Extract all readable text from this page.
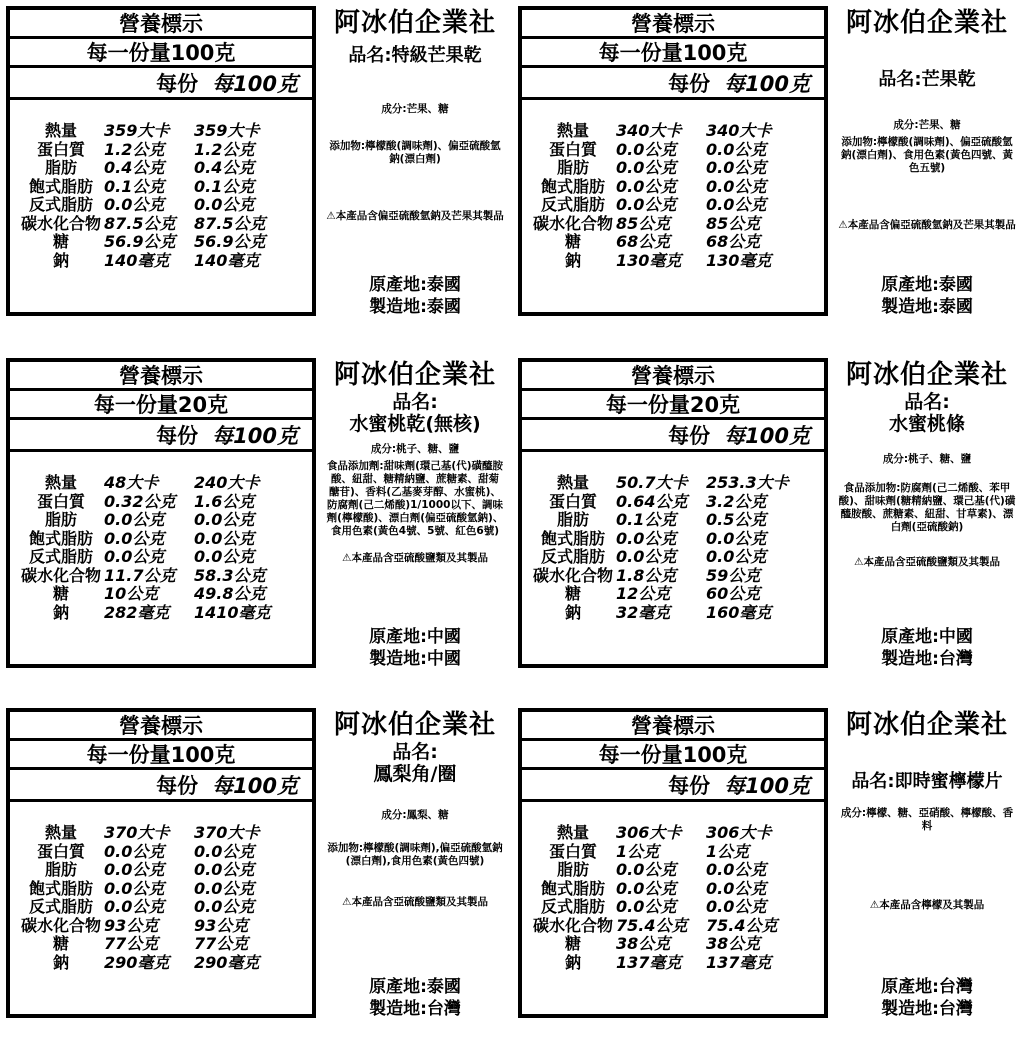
營養標示
每一份量100克
每份 每100克
熱量	359大卡	359大卡
蛋白質	1.2公克	1.2公克
脂肪	0.4公克	0.4公克
飽式脂肪 0.1公克	0.1公克
反式脂肪 0.0公克	0.0公克
碳水化合物 87.5公克	87.5公克
糖	56.9公克	56.9公克
鈉	140毫克	140毫克
阿冰伯企業社
品名:特級芒果乾
成分:芒果、糖
添加物:檸檬酸(調味劑)、偏亞硫酸氫鈉(漂白劑)
⚠本產品含偏亞硫酸氫鈉及芒果其製品
原產地:泰國
製造地:泰國
營養標示
每一份量100克
每份 每100克
熱量	340大卡	340大卡
蛋白質	0.0公克	0.0公克
脂肪	0.0公克	0.0公克
飽式脂肪 0.0公克	0.0公克
反式脂肪 0.0公克	0.0公克
碳水化合物 85公克	85公克
糖	68公克	68公克
鈉	130毫克	130毫克
阿冰伯企業社
品名:芒果乾
成分:芒果、糖
添加物:檸檬酸(調味劑)、偏亞硫酸氫鈉(漂白劑)、食用色素(黃色四號、黃色五號)
⚠本產品含偏亞硫酸氫鈉及芒果其製品
原產地:泰國
製造地:泰國
營養標示
每一份量20克
每份 每100克
熱量	48大卡	240大卡
蛋白質	0.32公克	1.6公克
脂肪	0.0公克	0.0公克
飽式脂肪 0.0公克	0.0公克
反式脂肪 0.0公克	0.0公克
碳水化合物 11.7公克	58.3公克
糖	10公克	49.8公克
鈉	282毫克	1410毫克
阿冰伯企業社
品名:
水蜜桃乾(無核)
成分:桃子、糖、鹽
食品添加劑:甜味劑(環己基(代)磺醯胺酸、紐甜、糖精納鹽、蔗糖素、甜菊醣苷)、香料(乙基麥芽醇、水蜜桃)、防腐劑(己二烯酸)1/1000以下、調味劑(檸檬酸)、漂白劑(偏亞硫酸氫鈉)、食用色素(黃色4號、5號、紅色6號)
⚠本產品含亞硫酸鹽類及其製品
原產地:中國
製造地:中國
營養標示
每一份量20克
每份 每100克
熱量	50.7大卡	253.3大卡
蛋白質	0.64公克	3.2公克
脂肪	0.1公克	0.5公克
飽式脂肪 0.0公克	0.0公克
反式脂肪 0.0公克	0.0公克
碳水化合物 1.8公克	59公克
糖	12公克	60公克
鈉	32毫克	160毫克
阿冰伯企業社
品名:
水蜜桃條
成分:桃子、糖、鹽
食品添加物:防腐劑(己二烯酸、苯甲酸)、甜味劑(糖精納鹽、環己基(代)磺醯胺酸、蔗糖素、紐甜、甘草素)、漂白劑(亞硫酸鈉)
⚠本產品含亞硫酸鹽類及其製品
原產地:中國
製造地:台灣
營養標示
每一份量100克
每份 每100克
熱量	370大卡	370大卡
蛋白質	0.0公克	0.0公克
脂肪	0.0公克	0.0公克
飽式脂肪 0.0公克	0.0公克
反式脂肪 0.0公克	0.0公克
碳水化合物 93公克	93公克
糖	77公克	77公克
鈉	290毫克	290毫克
阿冰伯企業社
品名:
鳳梨角/圈
成分:鳳梨、糖
添加物:檸檬酸(調味劑),偏亞硫酸氫鈉(漂白劑),食用色素(黃色四號)
⚠本產品含亞硫酸鹽類及其製品
原產地:泰國
製造地:台灣
營養標示
每一份量100克
每份 每100克
熱量	306大卡	306大卡
蛋白質	1公克	1公克
脂肪	0.0公克	0.0公克
飽式脂肪 0.0公克	0.0公克
反式脂肪 0.0公克	0.0公克
碳水化合物 75.4公克	75.4公克
糖	38公克	38公克
鈉	137毫克	137毫克
阿冰伯企業社
品名:即時蜜檸檬片
成分:檸檬、糖、亞硝酸、檸檬酸、香料
⚠本產品含檸檬及其製品
原產地:台灣
製造地:台灣
